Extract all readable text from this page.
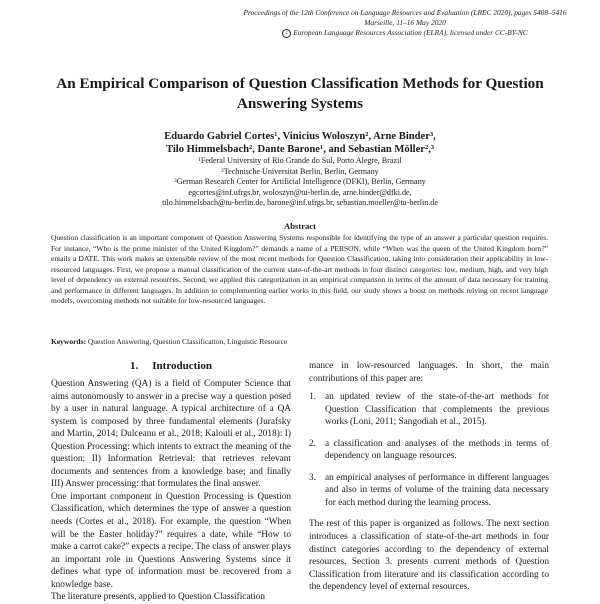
Proceedings of the 12th Conference on Language Resources and Evaluation (LREC 2020), pages 5408–5416
Marseille, 11–16 May 2020
c European Language Resources Association (ELRA), licensed under CC-BY-NC
An Empirical Comparison of Question Classification Methods for Question Answering Systems
Eduardo Gabriel Cortes¹, Vinicius Woloszyn², Arne Binder³,
Tilo Himmelsbach², Dante Barone¹, and Sebastian Möller²,³
¹Federal University of Rio Grande do Sul, Porto Alegre, Brazil
²Technische Universitat Berlin, Berlin, Germany
³German Research Center for Artificial Intelligence (DFKI), Berlin, Germany
egcortes@inf.ufrgs.br, woloszyn@tu-berlin.de, arne.binder@dfki.de,
tilo.himmelsbach@tu-berlin.de, barone@inf.ufrgs.br, sebastian.moeller@tu-berlin.de
Abstract
Question classification is an important component of Question Answering Systems responsible for identifying the type of an answer a particular question requires. For instance, “Who is the prime minister of the United Kingdom?” demands a name of a PERSON, while “When was the queen of the United Kingdom born?” entails a DATE. This work makes an extensible review of the most recent methods for Question Classification, taking into consideration their applicability in low-resourced languages. First, we propose a manual classification of the current state-of-the-art methods in four distinct categories: low, medium, high, and very high level of dependency on external resources. Second, we applied this categorization in an empirical comparison in terms of the amount of data necessary for training and performance in different languages. In addition to complementing earlier works in this field, our study shows a boost on methods relying on recent language models, overcoming methods not suitable for low-resourced languages.
Keywords: Question Answering, Question Classification, Linguistic Resource
1. Introduction

Question Answering (QA) is a field of Computer Science that aims autonomously to answer in a precise way a question posed by a user in natural language. A typical architecture of a QA system is composed by three fundamental elements (Jurafsky and Martin, 2014; Dulceanu et al., 2018; Kalouli et al., 2018): I) Question Processing: which intents to extract the meaning of the question; II) Information Retrieval: that retrieves relevant documents and sentences from a knowledge base; and finally III) Answer processing: that formulates the final answer.

One important component in Question Processing is Question Classification, which determines the type of answer a question needs (Cortes et al., 2018). For example, the question “When will be the Easter holiday?” requires a date, while “How to make a carrot cake?” expects a recipe. The class of answer plays an important role in Questions Answering Systems since it defines what type of information must be recovered from a knowledge base.

The literature presents, applied to Question Classification

mance in low-resourced languages. In short, the main contributions of this paper are:

1. an updated review of the state-of-the-art methods for Question Classification that complements the previous works (Loni, 2011; Sangodiah et al., 2015).
2. a classification and analyses of the methods in terms of dependency on language resources.
3. an empirical analyses of performance in different languages and also in terms of volume of the training data necessary for each method during the learning process.

The rest of this paper is organized as follows. The next section introduces a classification of state-of-the-art methods in four distinct categories according to the dependency of external resources. Section 3. presents current methods of Question Classification from literature and its classification according to the dependency level of external resources.
